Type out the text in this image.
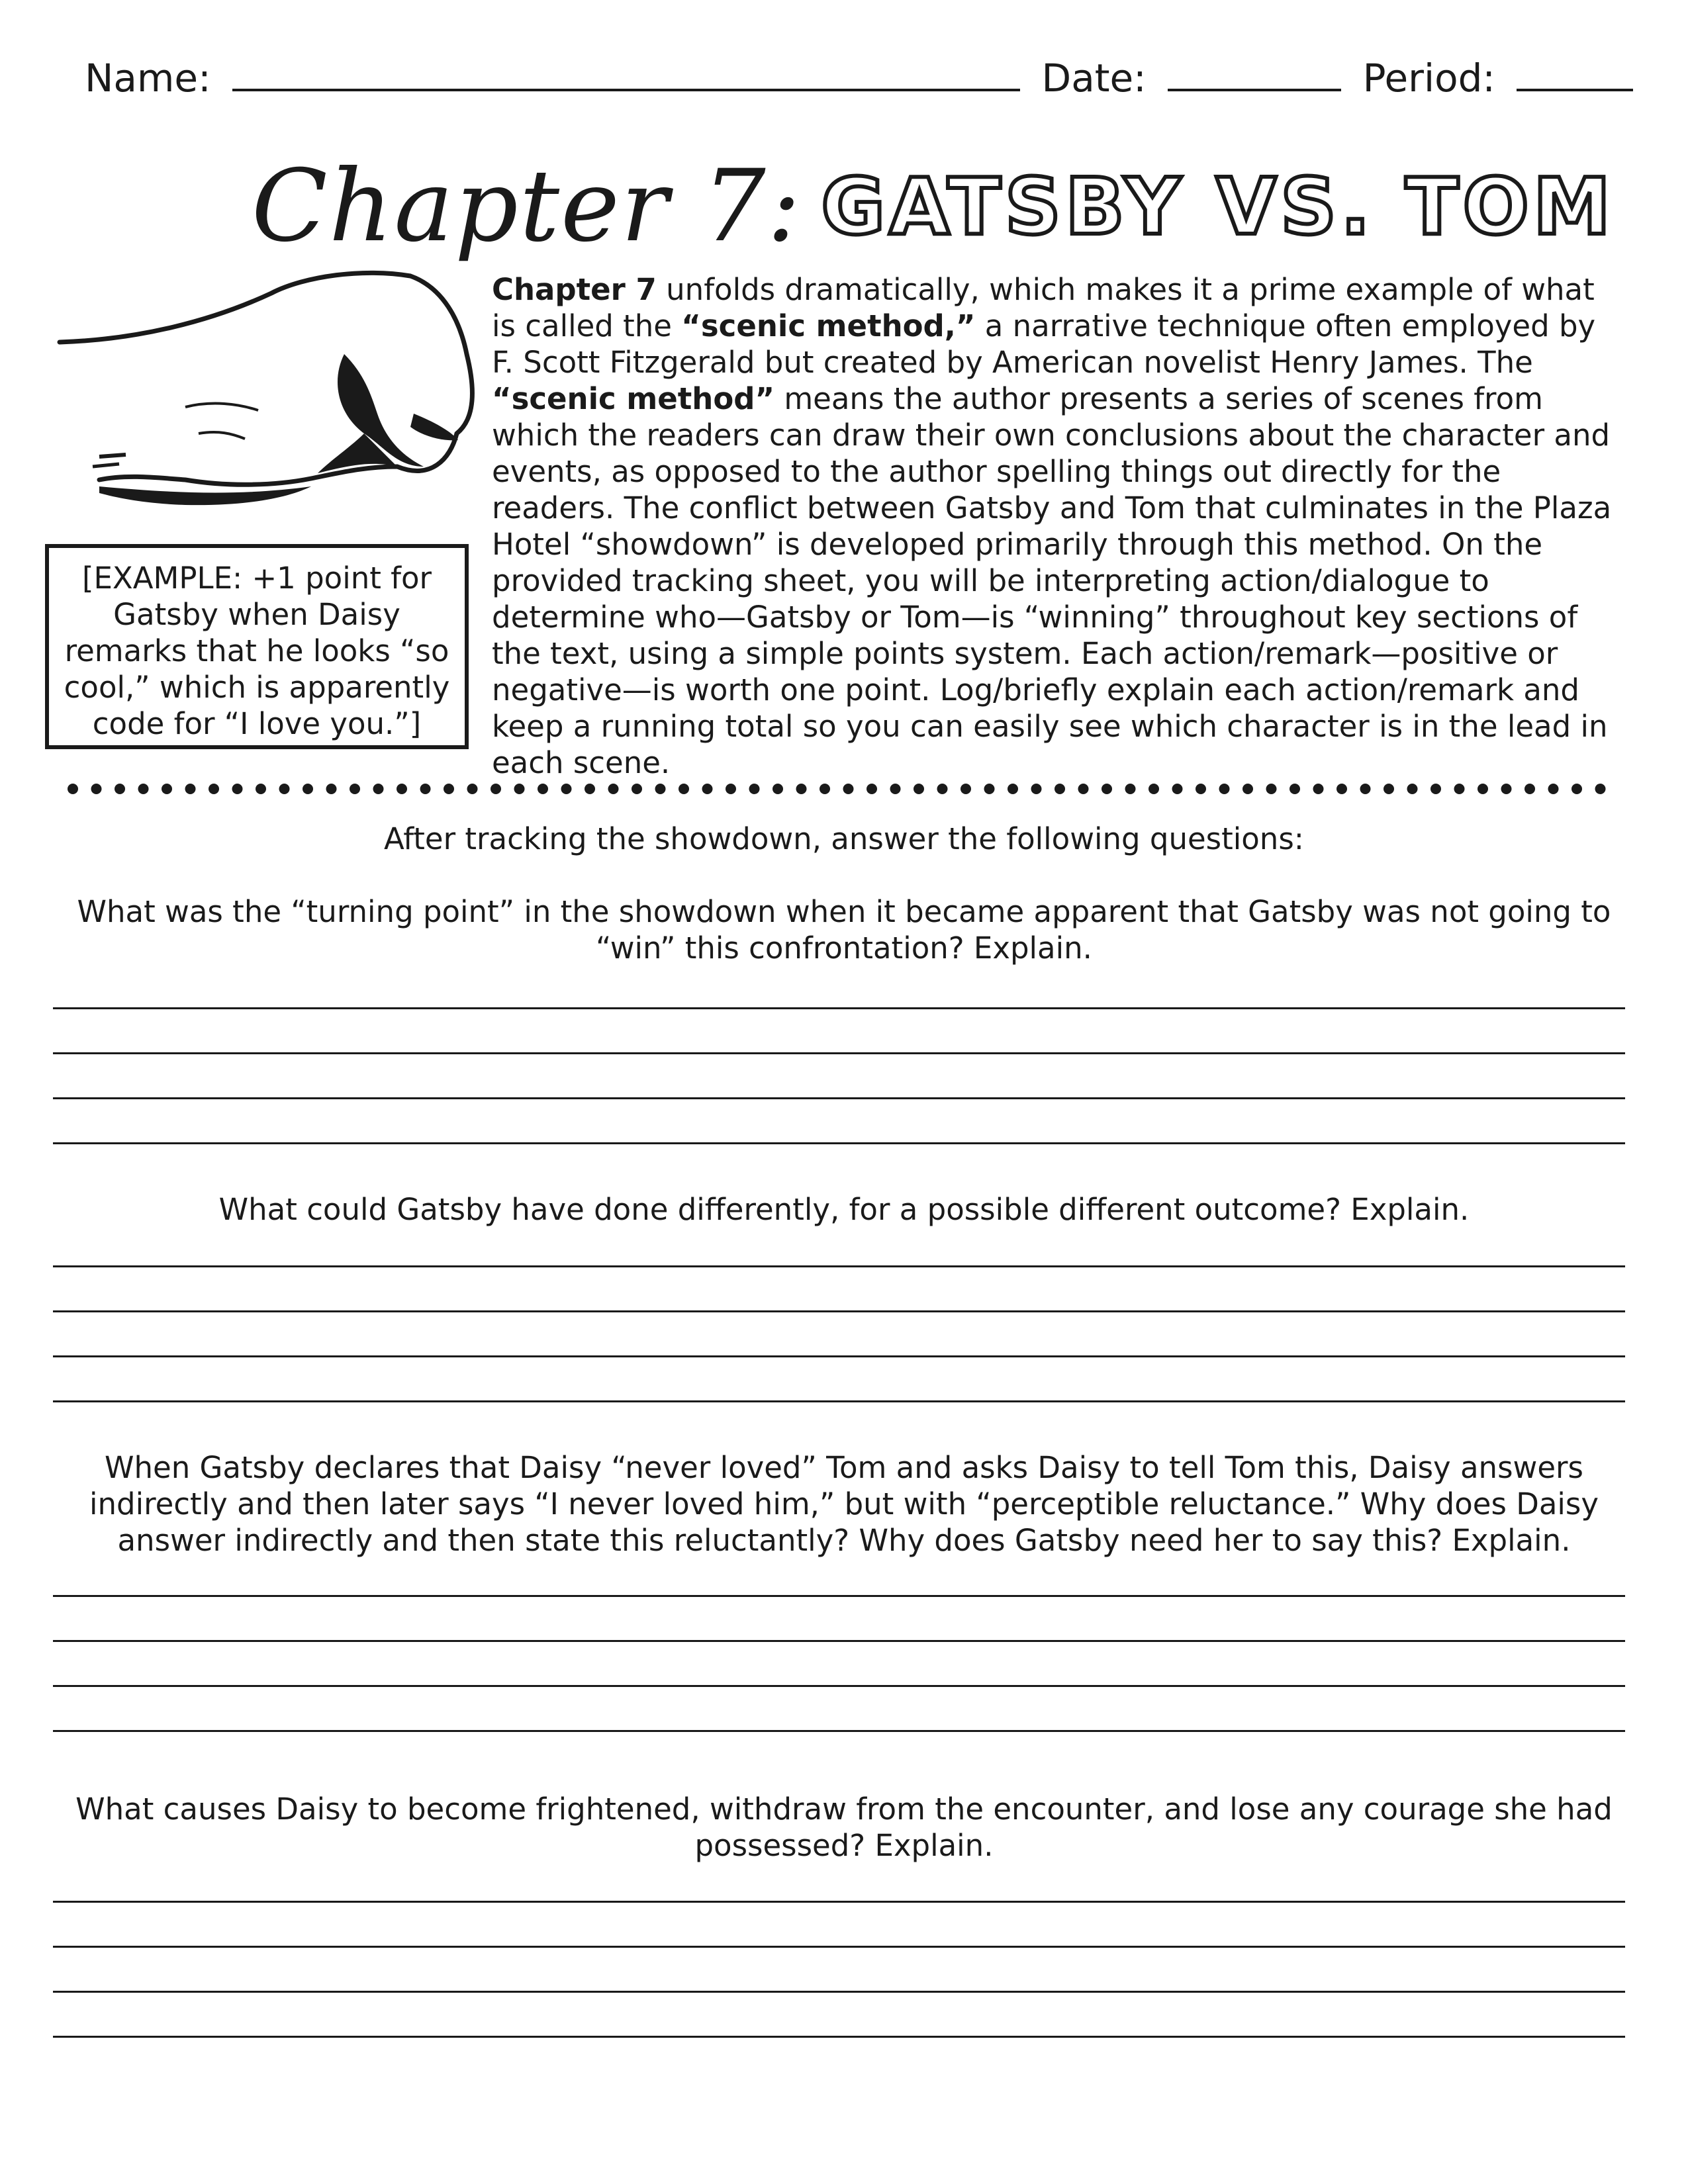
Name:	Date:	Period:
Chapter 7: GATSBY VS. TOM
[EXAMPLE: +1 point for Gatsby when Daisy remarks that he looks “so cool,” which is apparently code for “I love you.”]
Chapter 7 unfolds dramatically, which makes it a prime example of what is called the “scenic method,” a narrative technique often employed by F. Scott Fitzgerald but created by American novelist Henry James. The “scenic method” means the author presents a series of scenes from which the readers can draw their own conclusions about the character and events, as opposed to the author spelling things out directly for the readers. The conflict between Gatsby and Tom that culminates in the Plaza Hotel “showdown” is developed primarily through this method. On the provided tracking sheet, you will be interpreting action/dialogue to determine who—Gatsby or Tom—is “winning” throughout key sections of the text, using a simple points system. Each action/remark—positive or negative—is worth one point. Log/briefly explain each action/remark and keep a running total so you can easily see which character is in the lead in each scene.
After tracking the showdown, answer the following questions:
What was the “turning point” in the showdown when it became apparent that Gatsby was not going to “win” this confrontation? Explain.
What could Gatsby have done differently, for a possible different outcome? Explain.
When Gatsby declares that Daisy “never loved” Tom and asks Daisy to tell Tom this, Daisy answers indirectly and then later says “I never loved him,” but with “perceptible reluctance.” Why does Daisy answer indirectly and then state this reluctantly? Why does Gatsby need her to say this? Explain.
What causes Daisy to become frightened, withdraw from the encounter, and lose any courage she had possessed? Explain.
